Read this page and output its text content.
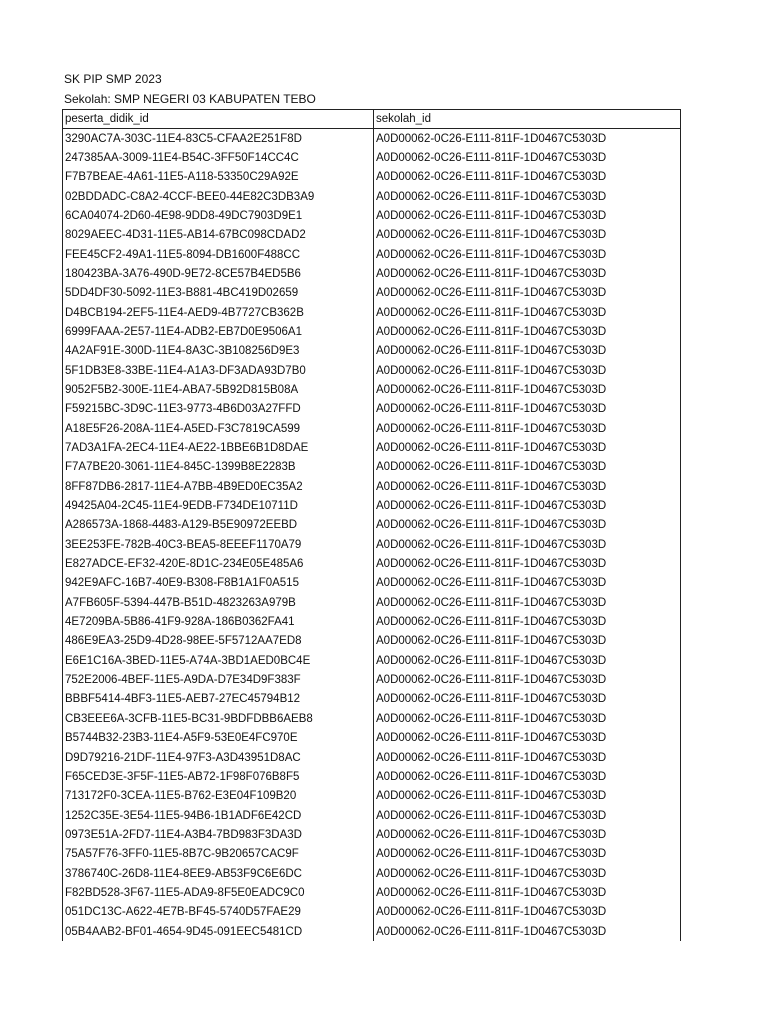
SK PIP SMP 2023
Sekolah: SMP NEGERI 03 KABUPATEN TEBO
peserta_didik_id	sekolah_id
3290AC7A-303C-11E4-83C5-CFAA2E251F8D	A0D00062-0C26-E111-811F-1D0467C5303D
247385AA-3009-11E4-B54C-3FF50F14CC4C	A0D00062-0C26-E111-811F-1D0467C5303D
F7B7BEAE-4A61-11E5-A118-53350C29A92E	A0D00062-0C26-E111-811F-1D0467C5303D
02BDDADC-C8A2-4CCF-BEE0-44E82C3DB3A9	A0D00062-0C26-E111-811F-1D0467C5303D
6CA04074-2D60-4E98-9DD8-49DC7903D9E1	A0D00062-0C26-E111-811F-1D0467C5303D
8029AEEC-4D31-11E5-AB14-67BC098CDAD2	A0D00062-0C26-E111-811F-1D0467C5303D
FEE45CF2-49A1-11E5-8094-DB1600F488CC	A0D00062-0C26-E111-811F-1D0467C5303D
180423BA-3A76-490D-9E72-8CE57B4ED5B6	A0D00062-0C26-E111-811F-1D0467C5303D
5DD4DF30-5092-11E3-B881-4BC419D02659	A0D00062-0C26-E111-811F-1D0467C5303D
D4BCB194-2EF5-11E4-AED9-4B7727CB362B	A0D00062-0C26-E111-811F-1D0467C5303D
6999FAAA-2E57-11E4-ADB2-EB7D0E9506A1	A0D00062-0C26-E111-811F-1D0467C5303D
4A2AF91E-300D-11E4-8A3C-3B108256D9E3	A0D00062-0C26-E111-811F-1D0467C5303D
5F1DB3E8-33BE-11E4-A1A3-DF3ADA93D7B0	A0D00062-0C26-E111-811F-1D0467C5303D
9052F5B2-300E-11E4-ABA7-5B92D815B08A	A0D00062-0C26-E111-811F-1D0467C5303D
F59215BC-3D9C-11E3-9773-4B6D03A27FFD	A0D00062-0C26-E111-811F-1D0467C5303D
A18E5F26-208A-11E4-A5ED-F3C7819CA599	A0D00062-0C26-E111-811F-1D0467C5303D
7AD3A1FA-2EC4-11E4-AE22-1BBE6B1D8DAE	A0D00062-0C26-E111-811F-1D0467C5303D
F7A7BE20-3061-11E4-845C-1399B8E2283B	A0D00062-0C26-E111-811F-1D0467C5303D
8FF87DB6-2817-11E4-A7BB-4B9ED0EC35A2	A0D00062-0C26-E111-811F-1D0467C5303D
49425A04-2C45-11E4-9EDB-F734DE10711D	A0D00062-0C26-E111-811F-1D0467C5303D
A286573A-1868-4483-A129-B5E90972EEBD	A0D00062-0C26-E111-811F-1D0467C5303D
3EE253FE-782B-40C3-BEA5-8EEEF1170A79	A0D00062-0C26-E111-811F-1D0467C5303D
E827ADCE-EF32-420E-8D1C-234E05E485A6	A0D00062-0C26-E111-811F-1D0467C5303D
942E9AFC-16B7-40E9-B308-F8B1A1F0A515	A0D00062-0C26-E111-811F-1D0467C5303D
A7FB605F-5394-447B-B51D-4823263A979B	A0D00062-0C26-E111-811F-1D0467C5303D
4E7209BA-5B86-41F9-928A-186B0362FA41	A0D00062-0C26-E111-811F-1D0467C5303D
486E9EA3-25D9-4D28-98EE-5F5712AA7ED8	A0D00062-0C26-E111-811F-1D0467C5303D
E6E1C16A-3BED-11E5-A74A-3BD1AED0BC4E	A0D00062-0C26-E111-811F-1D0467C5303D
752E2006-4BEF-11E5-A9DA-D7E34D9F383F	A0D00062-0C26-E111-811F-1D0467C5303D
BBBF5414-4BF3-11E5-AEB7-27EC45794B12	A0D00062-0C26-E111-811F-1D0467C5303D
CB3EEE6A-3CFB-11E5-BC31-9BDFDBB6AEB8	A0D00062-0C26-E111-811F-1D0467C5303D
B5744B32-23B3-11E4-A5F9-53E0E4FC970E	A0D00062-0C26-E111-811F-1D0467C5303D
D9D79216-21DF-11E4-97F3-A3D43951D8AC	A0D00062-0C26-E111-811F-1D0467C5303D
F65CED3E-3F5F-11E5-AB72-1F98F076B8F5	A0D00062-0C26-E111-811F-1D0467C5303D
713172F0-3CEA-11E5-B762-E3E04F109B20	A0D00062-0C26-E111-811F-1D0467C5303D
1252C35E-3E54-11E5-94B6-1B1ADF6E42CD	A0D00062-0C26-E111-811F-1D0467C5303D
0973E51A-2FD7-11E4-A3B4-7BD983F3DA3D	A0D00062-0C26-E111-811F-1D0467C5303D
75A57F76-3FF0-11E5-8B7C-9B20657CAC9F	A0D00062-0C26-E111-811F-1D0467C5303D
3786740C-26D8-11E4-8EE9-AB53F9C6E6DC	A0D00062-0C26-E111-811F-1D0467C5303D
F82BD528-3F67-11E5-ADA9-8F5E0EADC9C0	A0D00062-0C26-E111-811F-1D0467C5303D
051DC13C-A622-4E7B-BF45-5740D57FAE29	A0D00062-0C26-E111-811F-1D0467C5303D
05B4AAB2-BF01-4654-9D45-091EEC5481CD	A0D00062-0C26-E111-811F-1D0467C5303D
